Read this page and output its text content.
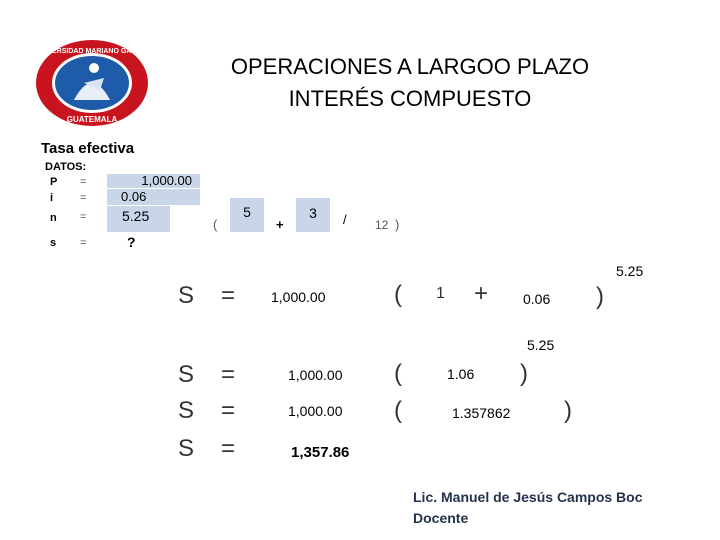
OPERACIONES A LARGOO PLAZO
INTERÉS COMPUESTO
UNIVERSIDAD MARIANO GALVEZ
GUATEMALA
Tasa efectiva
DATOS:
P =	1,000.00
i =	0.06
n =	5.25
s =	?
(
5
+
3	/ 12 )
5.25
S =	1,000.00	( 1 + 0.06 )
5.25
S =	1,000.00 (	1.06 )
S =	1,000.00 (	1.357862 )
S =	1,357.86
Lic. Manuel de Jesús Campos Boc
Docente
